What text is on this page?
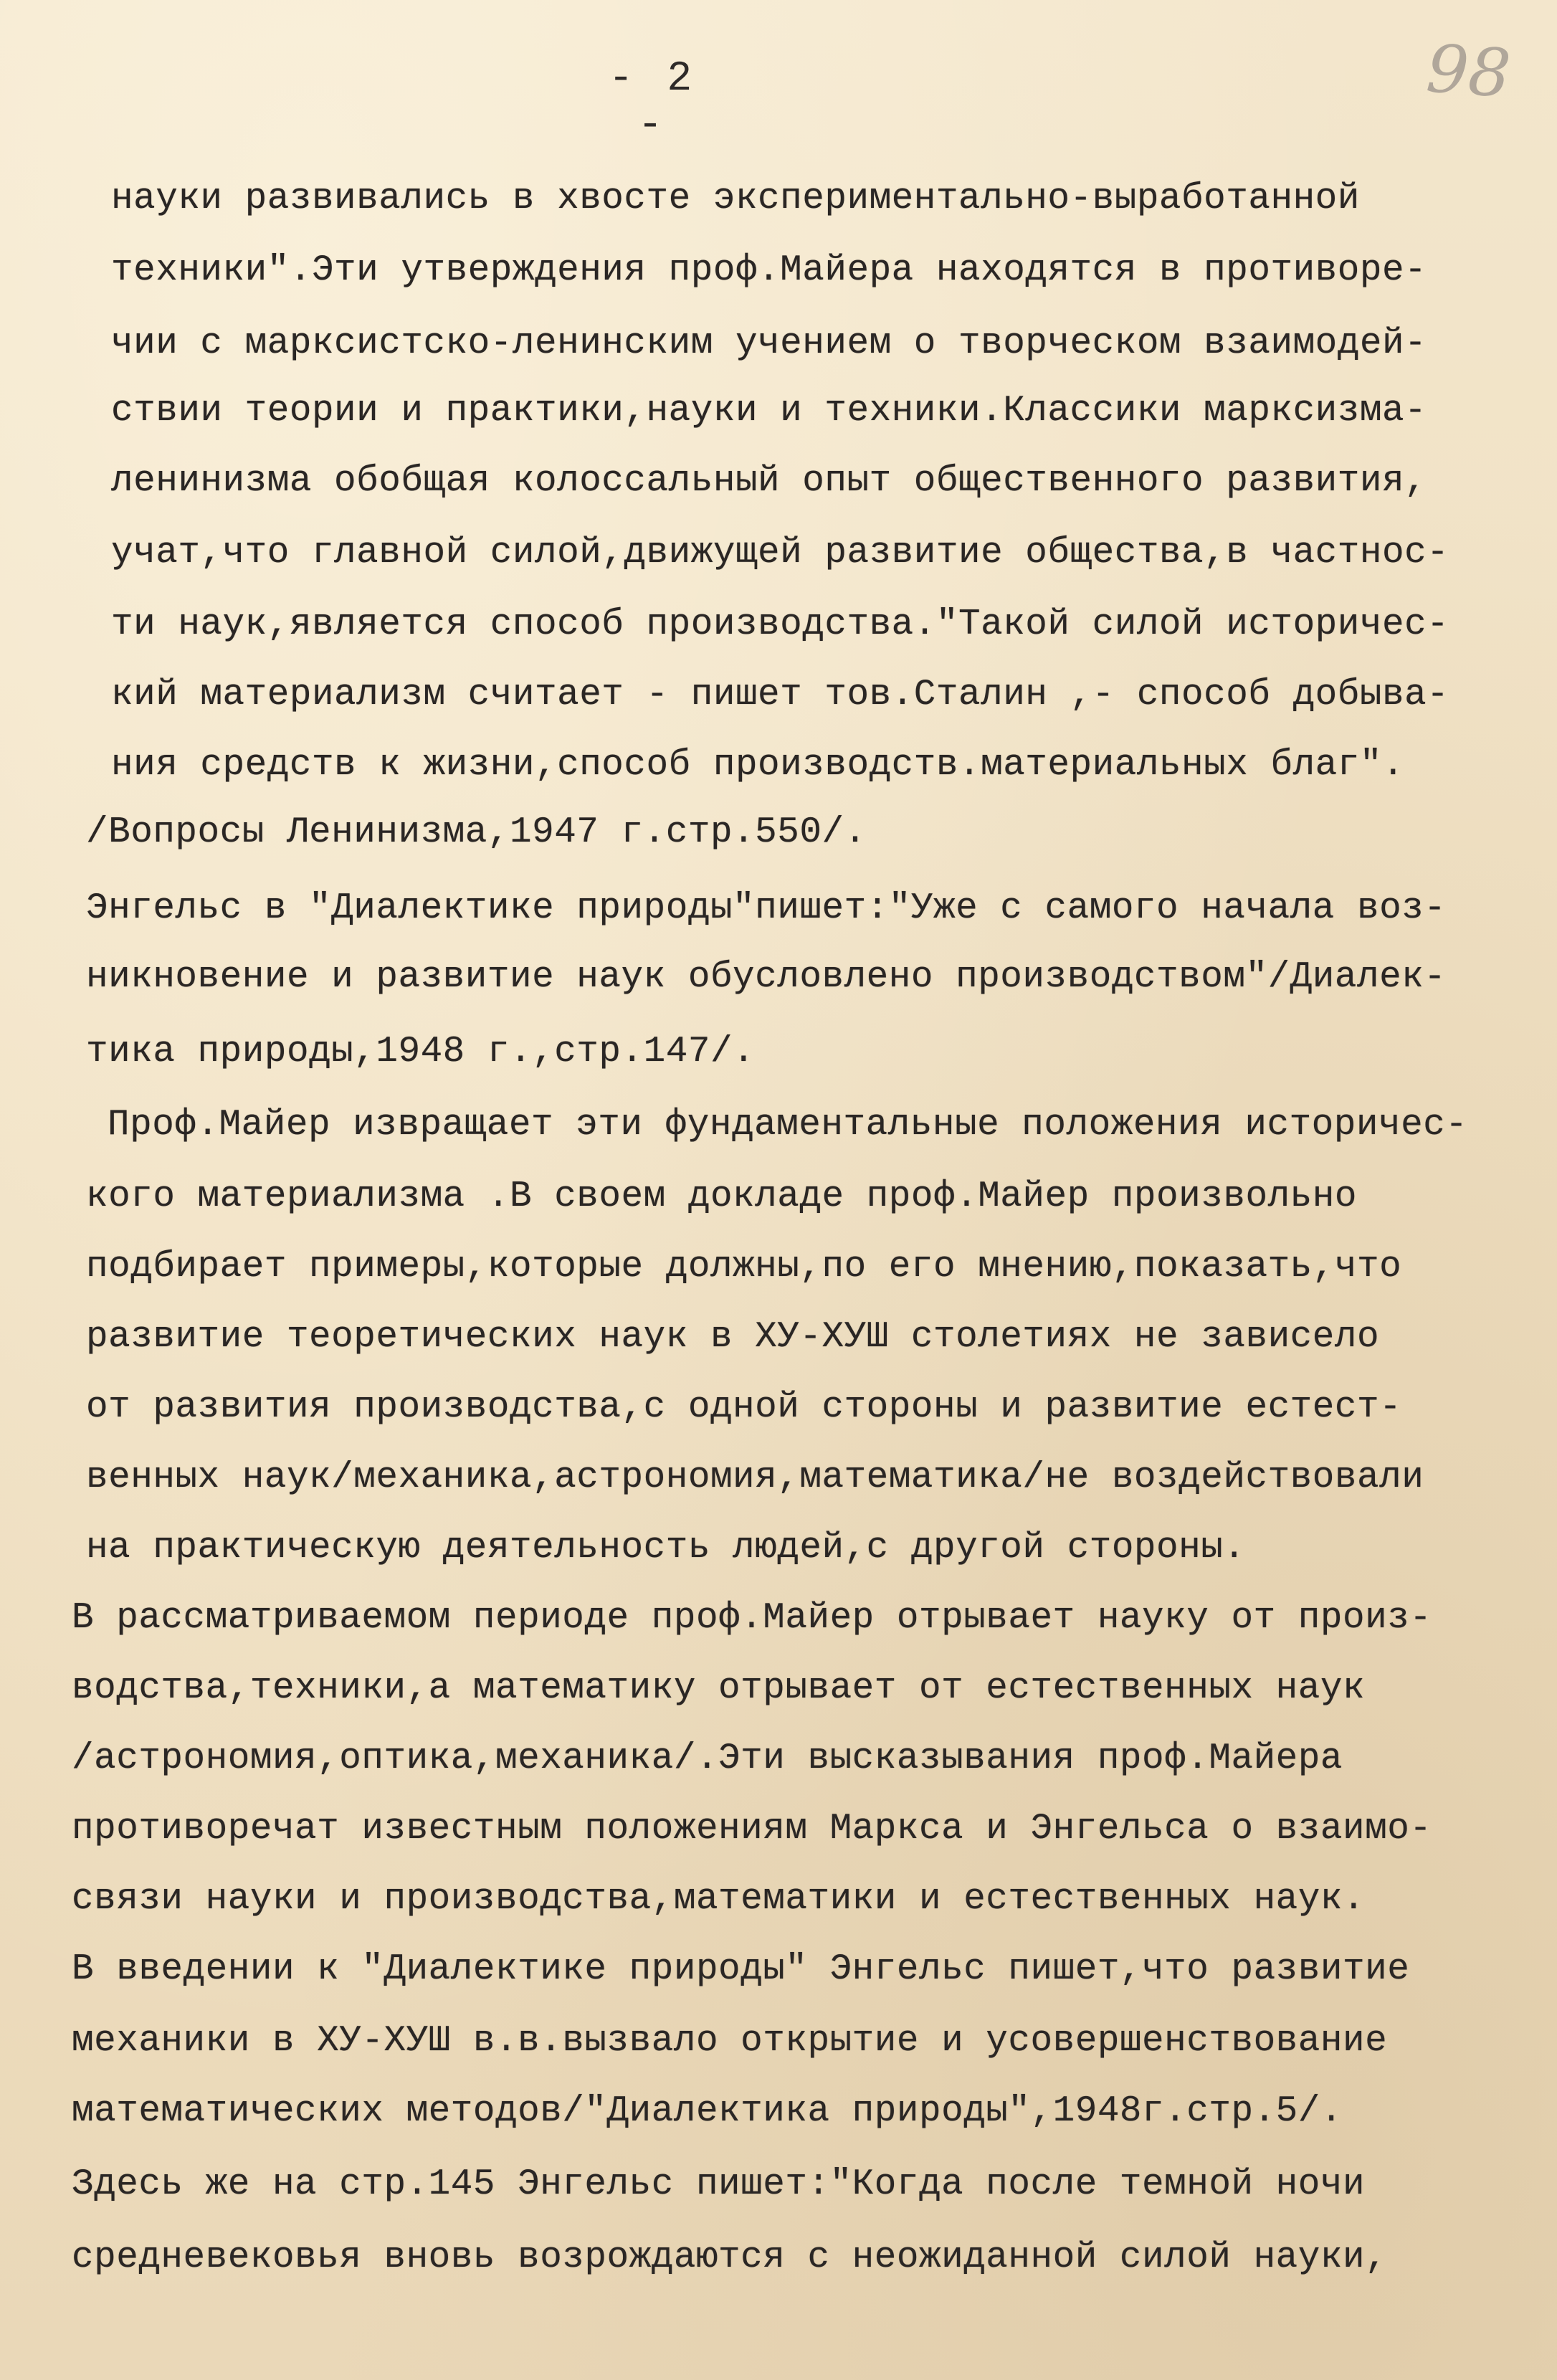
- 2 -
98
науки развивались в хвосте экспериментально-выработанной
техники".Эти утверждения проф.Майера находятся в противоре-
чии с марксистско-ленинским учением о творческом взаимодей-
ствии теории и практики,науки и техники.Классики марксизма-
ленинизма обобщая колоссальный опыт общественного развития,
учат,что главной силой,движущей развитие общества,в частнос-
ти наук,является способ производства."Такой силой историчес-
кий материализм считает - пишет тов.Сталин ,- способ добыва-
ния средств к жизни,способ производств.материальных благ".
/Вопросы Ленинизма,1947 г.стр.550/.
Энгельс в "Диалектике природы"пишет:"Уже с самого начала воз-
никновение и развитие наук обусловлено производством"/Диалек-
тика природы,1948 г.,стр.147/.
Проф.Майер извращает эти фундаментальные положения историчес-
кого материализма .В своем докладе проф.Майер произвольно
подбирает примеры,которые должны,по его мнению,показать,что
развитие теоретических наук в ХУ-ХУШ столетиях не зависело
от развития производства,с одной стороны и развитие естест-
венных наук/механика,астрономия,математика/не воздействовали
на практическую деятельность людей,с другой стороны.
В рассматриваемом периоде проф.Майер отрывает науку от произ-
водства,техники,а математику отрывает от естественных наук
/астрономия,оптика,механика/.Эти высказывания проф.Майера
противоречат известным положениям Маркса и Энгельса о взаимо-
связи науки и производства,математики и естественных наук.
В введении к "Диалектике природы" Энгельс пишет,что развитие
механики в ХУ-ХУШ в.в.вызвало открытие и усовершенствование
математических методов/"Диалектика природы",1948г.стр.5/.
Здесь же на стр.145 Энгельс пишет:"Когда после темной ночи
средневековья вновь возрождаются с неожиданной силой науки,
